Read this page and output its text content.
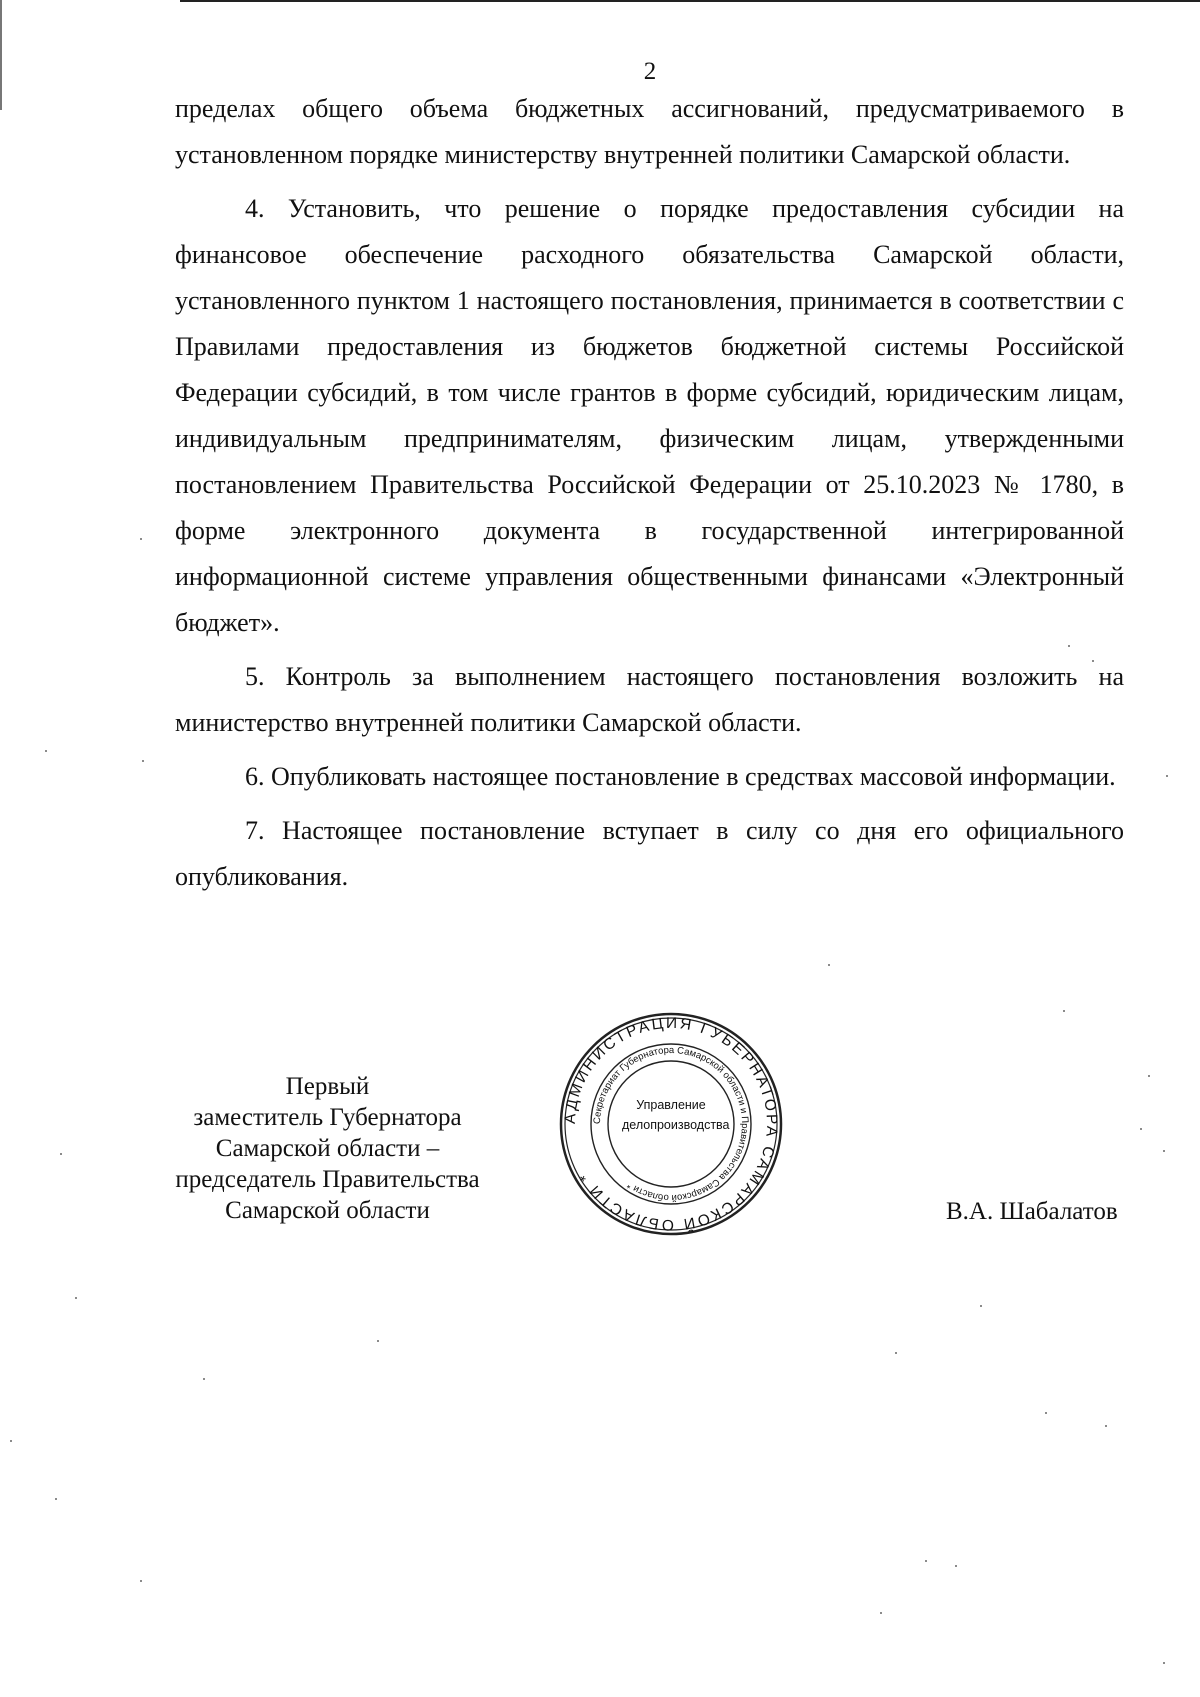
2

пределах общего объема бюджетных ассигнований, предусматриваемого в установленном порядке министерству внутренней политики Самарской области.

4. Установить, что решение о порядке предоставления субсидии на финансовое обеспечение расходного обязательства Самарской области, установленного пунктом 1 настоящего постановления, принимается в соответствии с Правилами предоставления из бюджетов бюджетной системы Российской Федерации субсидий, в том числе грантов в форме субсидий, юридическим лицам, индивидуальным предпринимателям, физическим лицам, утвержденными постановлением Правительства Российской Федерации от 25.10.2023 № 1780, в форме электронного документа в государственной интегрированной информационной системе управления общественными финансами «Электронный бюджет».

5. Контроль за выполнением настоящего постановления возложить на министерство внутренней политики Самарской области.

6. Опубликовать настоящее постановление в средствах массовой информации.

7. Настоящее постановление вступает в силу со дня его официального опубликования.

Первый
заместитель Губернатора
Самарской области –
председатель Правительства
Самарской области
АДМИНИСТРАЦИЯ ГУБЕРНАТОРА САМАРСКОЙ ОБЛАСТИ *
Секретариат Губернатора Самарской области и Правительства Самарской области *
Управление
делопроизводства
В.А. Шабалатов
